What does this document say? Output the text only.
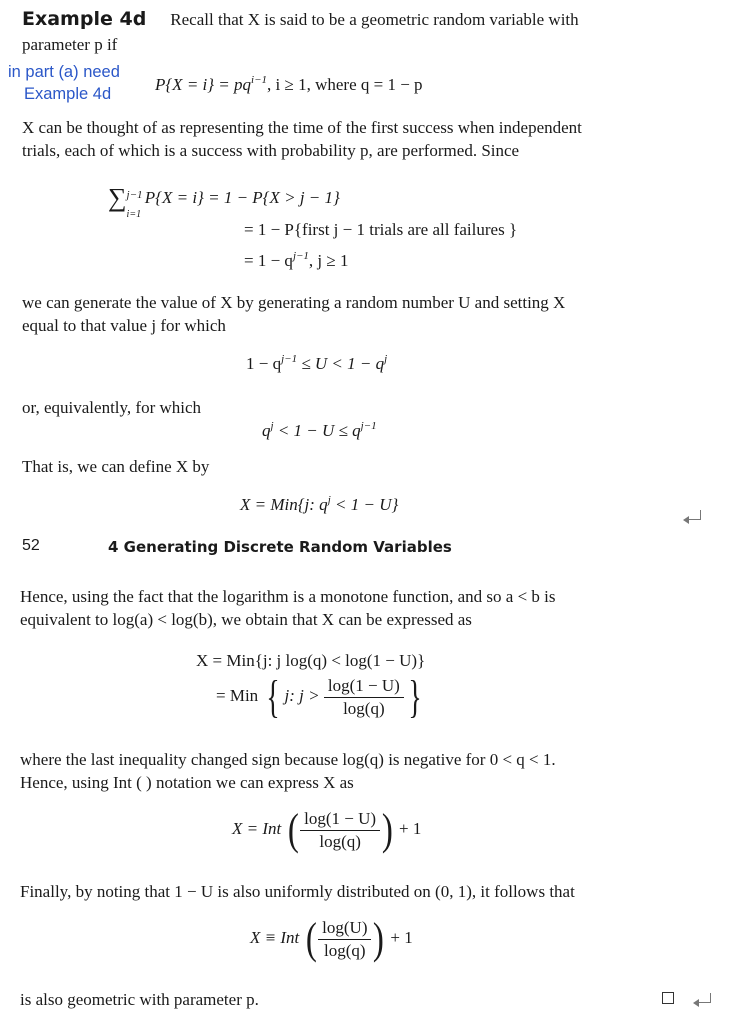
Example 4d Recall that X is said to be a geometric random variable with
parameter p if
in part (a) need
Example 4d	$P\{X = i\} = pq^{i-1}$, i ≥ 1, where q = 1 − p
X can be thought of as representing the time of the first success when independent
trials, each of which is a success with probability p, are performed. Since
∑ j−1
i=1
P{X = i} = 1 − P{X > j − 1}
= 1 − P{first j − 1 trials are all failures }
= $1 - q^{j-1}$, j ≥ 1
we can generate the value of X by generating a random number U and setting X
equal to that value j for which
$1 - q^{j-1} \le U < 1 - q^j$
or, equivalently, for which
$q^j < 1 - U \le q^{j-1}$
That is, we can define X by
X = Min{j: $q^j < 1 - U$}
52	4 Generating Discrete Random Variables
Hence, using the fact that the logarithm is a monotone function, and so a < b is
equivalent to log(a) < log(b), we obtain that X can be expressed as
X = Min{j: j log(q) < log(1 − U)}
= Min { j: $j > \frac{\log(1 - U)}{\log(q)}$ }
where the last inequality changed sign because log(q) is negative for 0 < q < 1.
Hence, using Int ( ) notation we can express X as
X = Int ( $\frac{\log(1 - U)}{\log(q)}$ ) + 1
Finally, by noting that 1 − U is also uniformly distributed on (0, 1), it follows that
X ≡ Int ( $\frac{\log(U)}{\log(q)}$ ) + 1
is also geometric with parameter p.
